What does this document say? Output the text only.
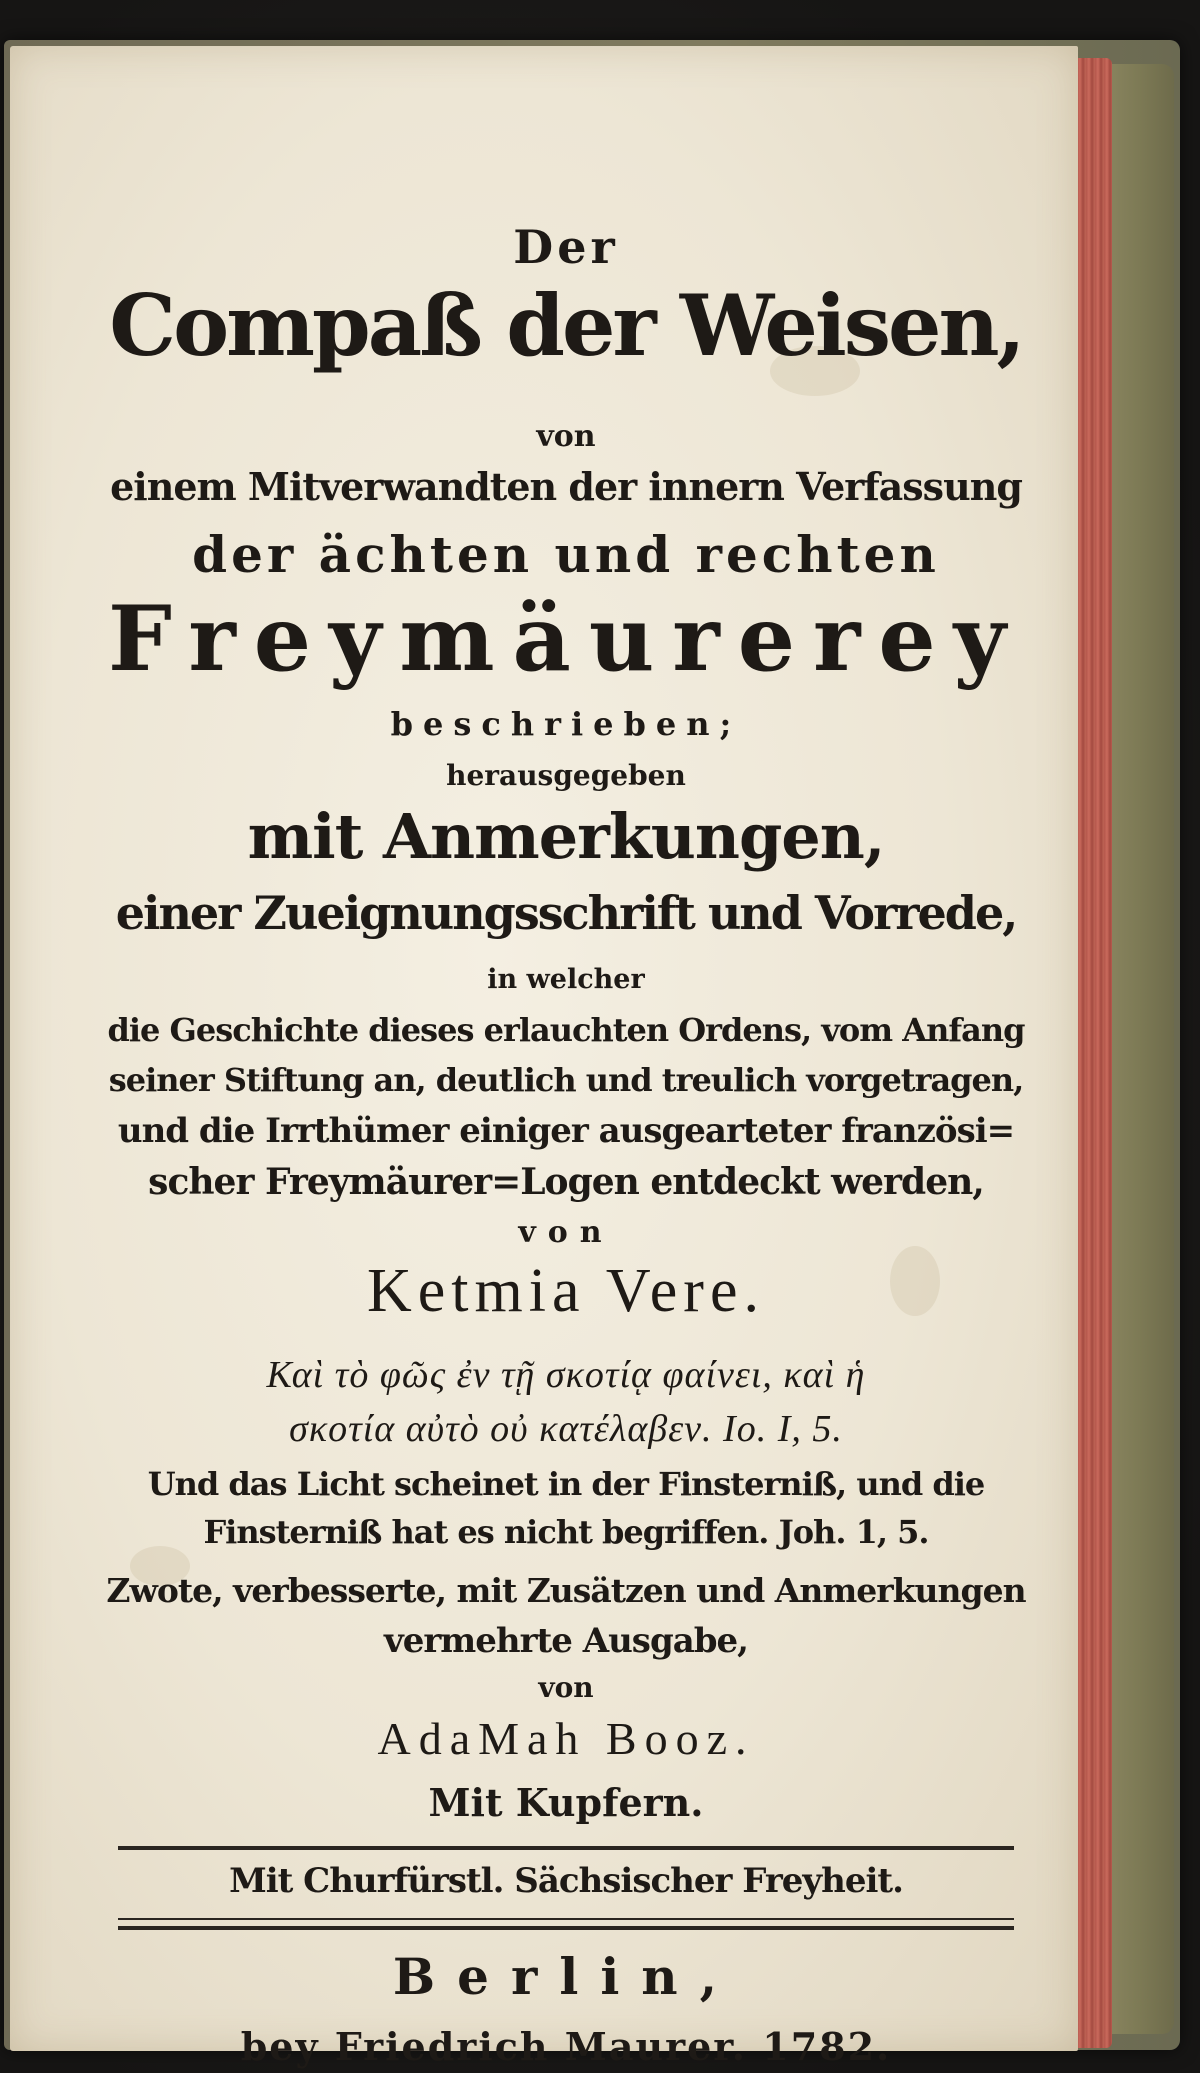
Der
Compaß der Weisen,
von
einem Mitverwandten der innern Verfassung
der ächten und rechten
Freymäurerey
beschrieben;
herausgegeben
mit Anmerkungen,
einer Zueignungsschrift und Vorrede,
in welcher
die Geschichte dieses erlauchten Ordens, vom Anfang
seiner Stiftung an, deutlich und treulich vorgetragen,
und die Irrthümer einiger ausgearteter französi=
scher Freymäurer=Logen entdeckt werden,
von
Ketmia Vere.
Καὶ τὸ φῶς ἐν τῇ σκοτίᾳ φαίνει, καὶ ἡ
σκοτία αὐτὸ οὐ κατέλαβεν. Io. I, 5.
Und das Licht scheinet in der Finsterniß, und die
Finsterniß hat es nicht begriffen. Joh. 1, 5.
Zwote, verbesserte, mit Zusätzen und Anmerkungen
vermehrte Ausgabe,
von
AdaMah Booz.
Mit Kupfern.
Mit Churfürstl. Sächsischer Freyheit.
Berlin,
bey Friedrich Maurer. 1782.
